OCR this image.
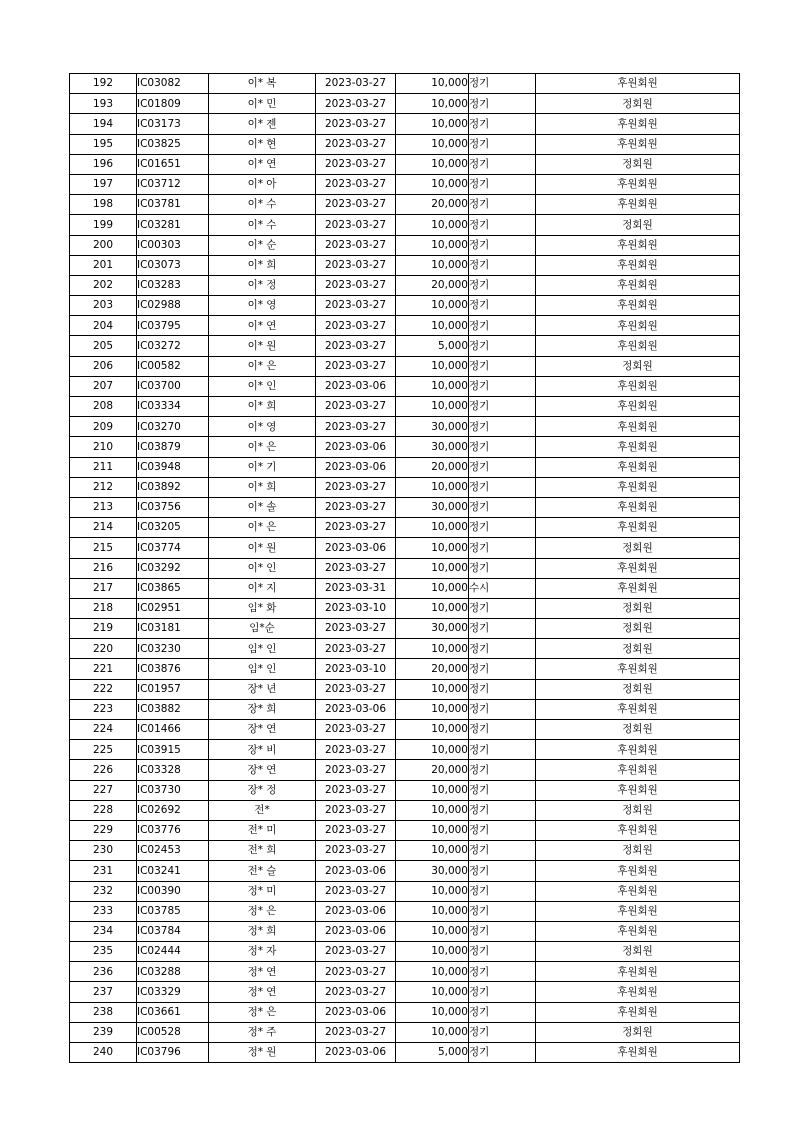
192	IC03082	이* 복	2023-03-27	10,000	정기	후원회원
193	IC01809	이* 민	2023-03-27	10,000	정기	정회원
194	IC03173	이* 젠	2023-03-27	10,000	정기	후원회원
195	IC03825	이* 현	2023-03-27	10,000	정기	후원회원
196	IC01651	이* 연	2023-03-27	10,000	정기	정회원
197	IC03712	이* 아	2023-03-27	10,000	정기	후원회원
198	IC03781	이* 수	2023-03-27	20,000	정기	후원회원
199	IC03281	이* 수	2023-03-27	10,000	정기	정회원
200	IC00303	이* 순	2023-03-27	10,000	정기	후원회원
201	IC03073	이* 희	2023-03-27	10,000	정기	후원회원
202	IC03283	이* 정	2023-03-27	20,000	정기	후원회원
203	IC02988	이* 영	2023-03-27	10,000	정기	후원회원
204	IC03795	이* 연	2023-03-27	10,000	정기	후원회원
205	IC03272	이* 원	2023-03-27	5,000	정기	후원회원
206	IC00582	이* 은	2023-03-27	10,000	정기	정회원
207	IC03700	이* 인	2023-03-06	10,000	정기	후원회원
208	IC03334	이* 희	2023-03-27	10,000	정기	후원회원
209	IC03270	이* 영	2023-03-27	30,000	정기	후원회원
210	IC03879	이* 은	2023-03-06	30,000	정기	후원회원
211	IC03948	이* 기	2023-03-06	20,000	정기	후원회원
212	IC03892	이* 희	2023-03-27	10,000	정기	후원회원
213	IC03756	이* 솔	2023-03-27	30,000	정기	후원회원
214	IC03205	이* 은	2023-03-27	10,000	정기	후원회원
215	IC03774	이* 원	2023-03-06	10,000	정기	정회원
216	IC03292	이* 인	2023-03-27	10,000	정기	후원회원
217	IC03865	이* 지	2023-03-31	10,000	수시	후원회원
218	IC02951	임* 화	2023-03-10	10,000	정기	정회원
219	IC03181	임*순	2023-03-27	30,000	정기	정회원
220	IC03230	임* 인	2023-03-27	10,000	정기	정회원
221	IC03876	임* 인	2023-03-10	20,000	정기	후원회원
222	IC01957	장* 년	2023-03-27	10,000	정기	정회원
223	IC03882	장* 희	2023-03-06	10,000	정기	후원회원
224	IC01466	장* 연	2023-03-27	10,000	정기	정회원
225	IC03915	장* 비	2023-03-27	10,000	정기	후원회원
226	IC03328	장* 연	2023-03-27	20,000	정기	후원회원
227	IC03730	장* 정	2023-03-27	10,000	정기	후원회원
228	IC02692	전*	2023-03-27	10,000	정기	정회원
229	IC03776	전* 미	2023-03-27	10,000	정기	후원회원
230	IC02453	전* 희	2023-03-27	10,000	정기	정회원
231	IC03241	전* 슬	2023-03-06	30,000	정기	후원회원
232	IC00390	정* 미	2023-03-27	10,000	정기	후원회원
233	IC03785	정* 은	2023-03-06	10,000	정기	후원회원
234	IC03784	정* 희	2023-03-06	10,000	정기	후원회원
235	IC02444	정* 자	2023-03-27	10,000	정기	정회원
236	IC03288	정* 연	2023-03-27	10,000	정기	후원회원
237	IC03329	정* 연	2023-03-27	10,000	정기	후원회원
238	IC03661	정* 은	2023-03-06	10,000	정기	후원회원
239	IC00528	정* 주	2023-03-27	10,000	정기	정회원
240	IC03796	정* 원	2023-03-06	5,000	정기	후원회원
